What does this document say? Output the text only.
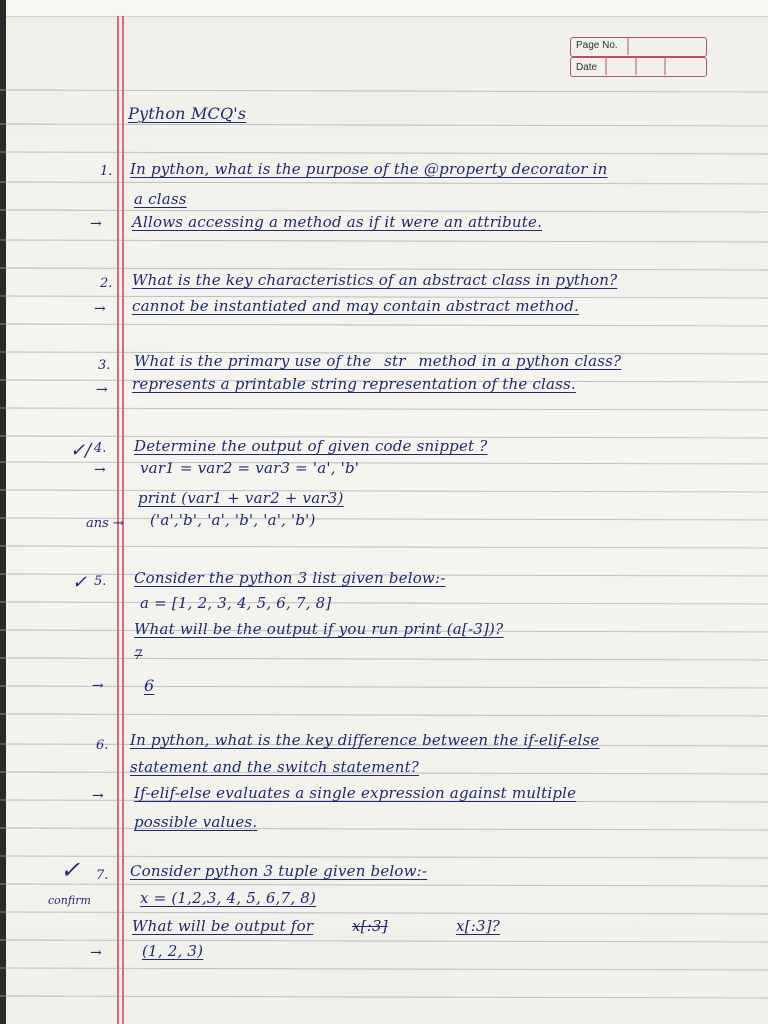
Page No.
Date
Python MCQ's
1. In python, what is the purpose of the @property decorator in
a class
→ Allows accessing a method as if it were an attribute.
2. What is the key characteristics of an abstract class in python?
→ cannot be instantiated and may contain abstract method.
3. What is the primary use of the _str_ method in a python class?
→ represents a printable string representation of the class.
✓/ 4. Determine the output of given code snippet ?
→ var1 = var2 = var3 = 'a', 'b'
print (var1 + var2 + var3)
ans → ('a','b', 'a', 'b', 'a', 'b')
✓ 5. Consider the python 3 list given below:-
a = [1, 2, 3, 4, 5, 6, 7, 8]
What will be the output if you run print (a[-3])?
7
→	6
6. In python, what is the key difference between the if-elif-else
statement and the switch statement?
→ If-elif-else evaluates a single expression against multiple
possible values.
✓ 7.
confirm
Consider python 3 tuple given below:-
x = (1,2,3, 4, 5, 6,7, 8)
What will be output for	x[:3]	x[:3]?
→	(1, 2, 3)
